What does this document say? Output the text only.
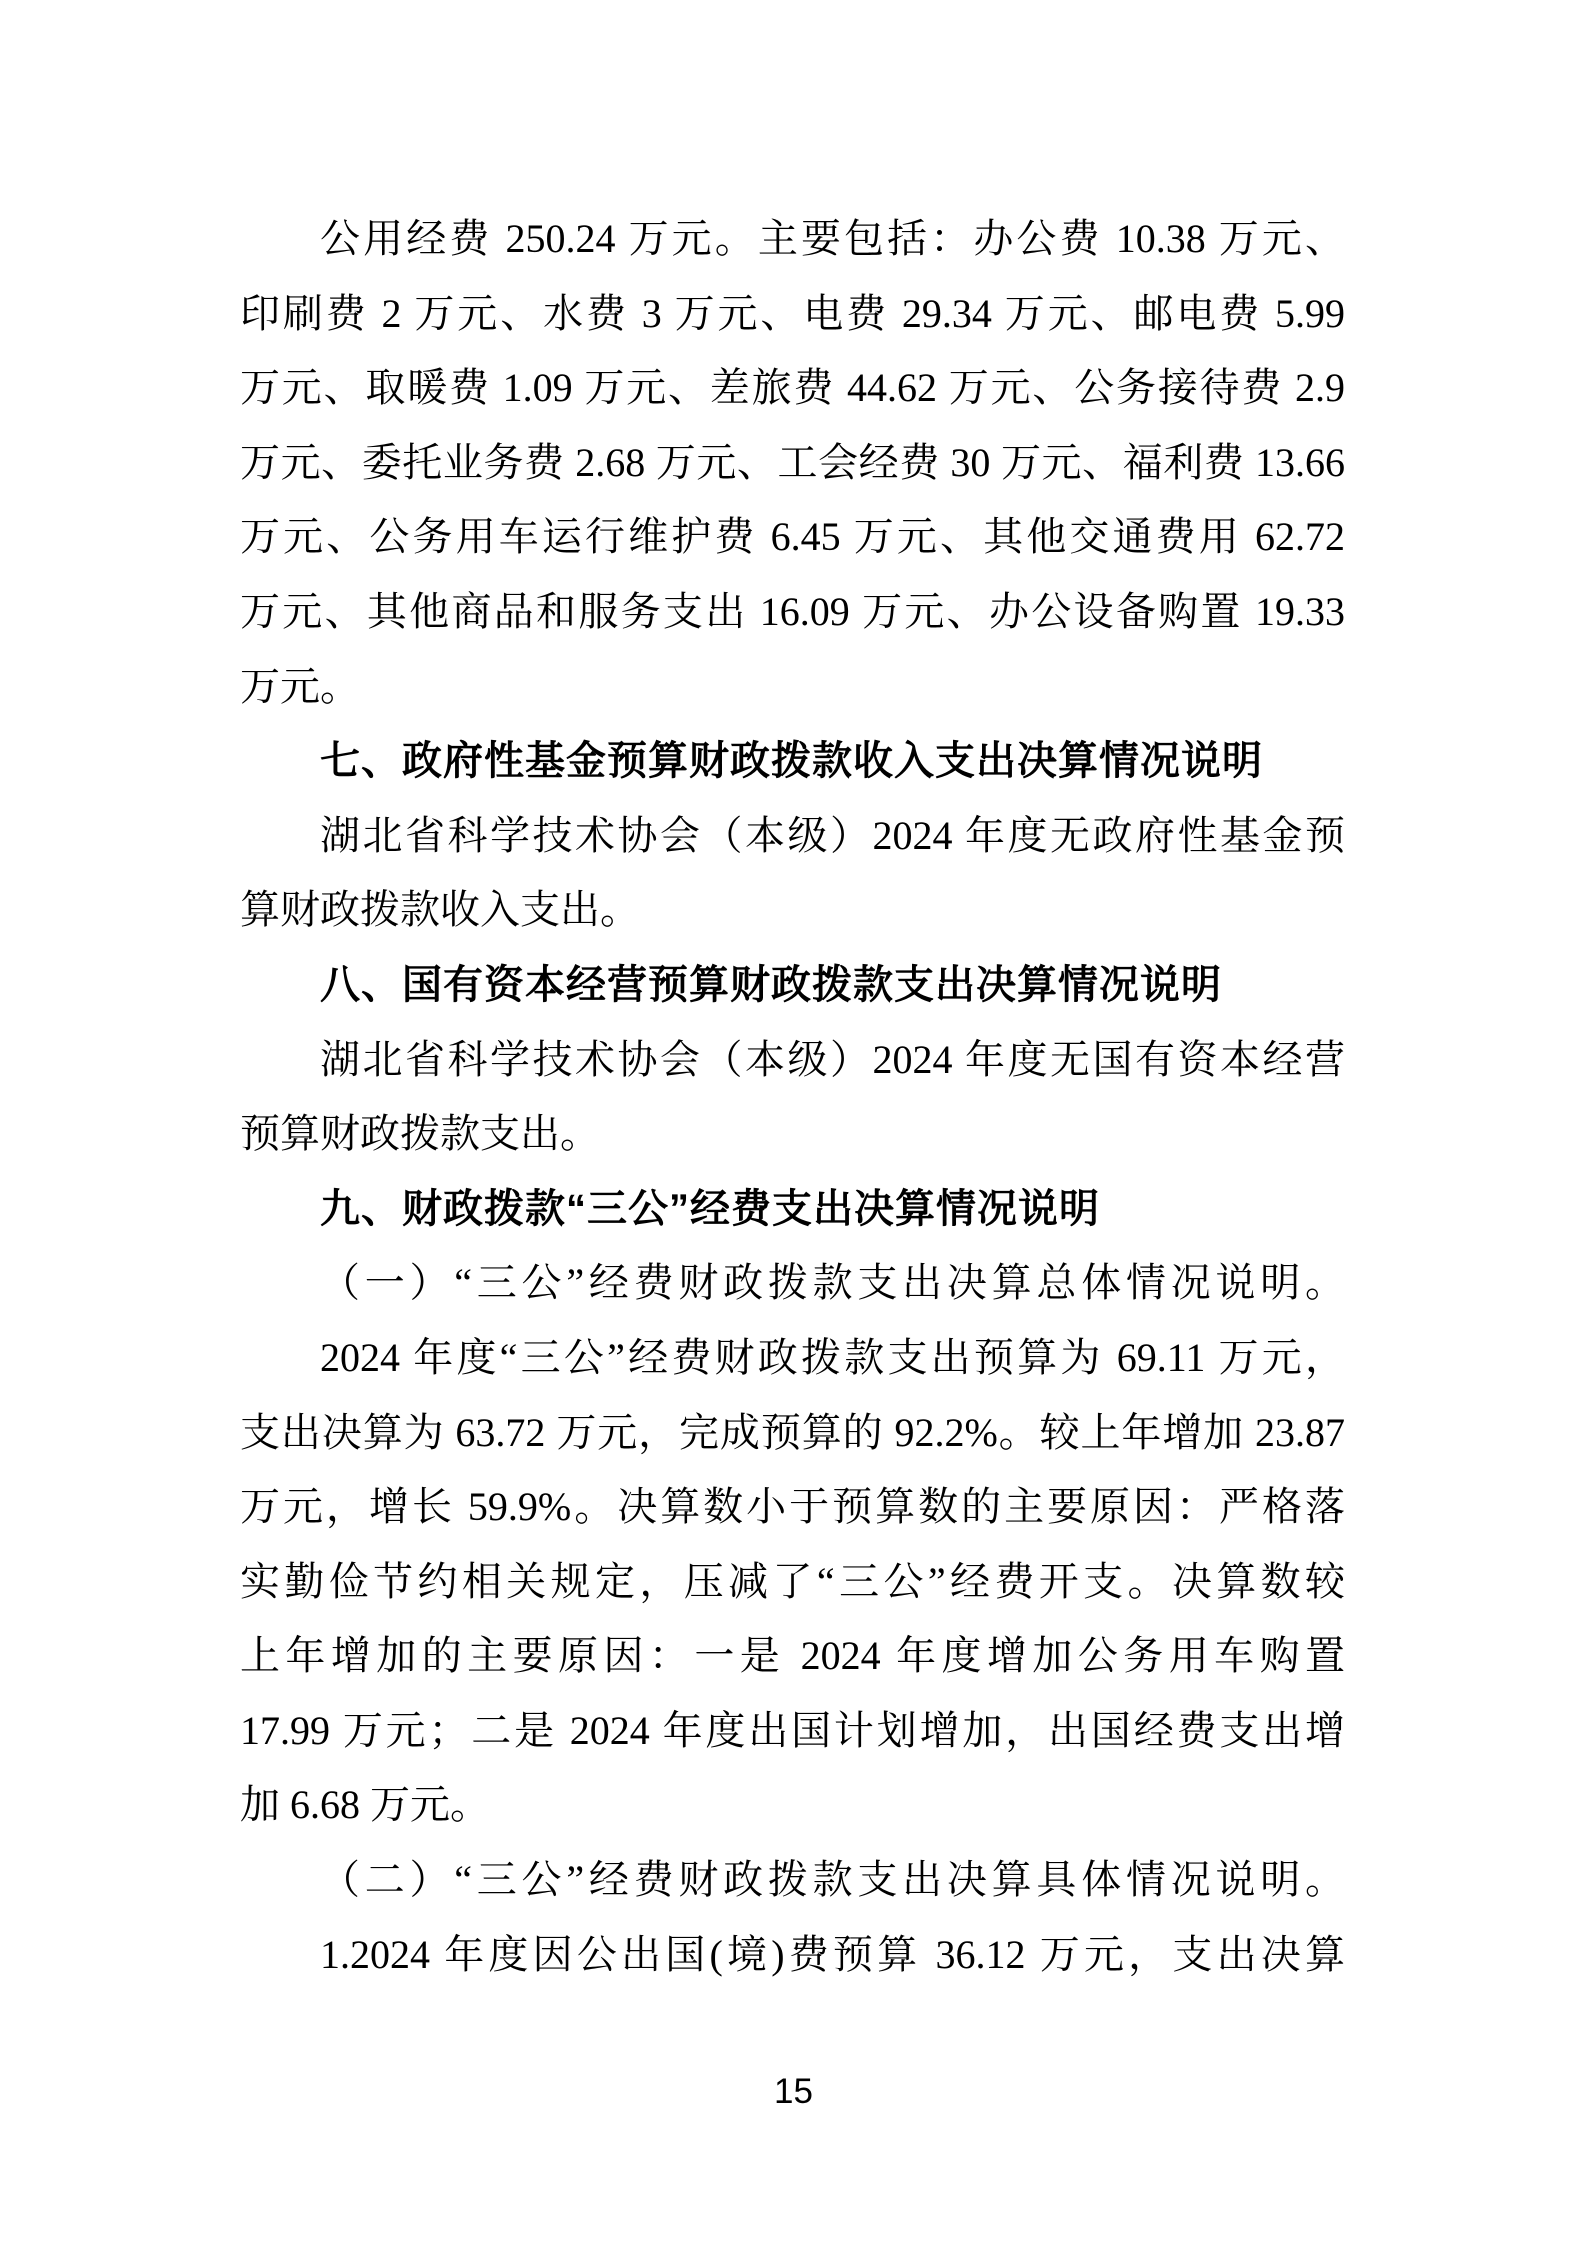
公用经费 250.24 万元。主要包括：办公费 10.38 万元、
印刷费 2 万元、水费 3 万元、电费 29.34 万元、邮电费 5.99
万元、取暖费 1.09 万元、差旅费 44.62 万元、公务接待费 2.9
万元、委托业务费 2.68 万元、工会经费 30 万元、福利费 13.66
万元、公务用车运行维护费 6.45 万元、其他交通费用 62.72
万元、其他商品和服务支出 16.09 万元、办公设备购置 19.33
万元。
七、政府性基金预算财政拨款收入支出决算情况说明
湖北省科学技术协会（本级）2024 年度无政府性基金预
算财政拨款收入支出。
八、国有资本经营预算财政拨款支出决算情况说明
湖北省科学技术协会（本级）2024 年度无国有资本经营
预算财政拨款支出。
九、财政拨款“三公”经费支出决算情况说明
（一）“三公”经费财政拨款支出决算总体情况说明。
2024 年度“三公”经费财政拨款支出预算为 69.11 万元，
支出决算为 63.72 万元，完成预算的 92.2%。较上年增加 23.87
万元，增长 59.9%。决算数小于预算数的主要原因：严格落
实勤俭节约相关规定，压减了“三公”经费开支。决算数较
上年增加的主要原因：一是 2024 年度增加公务用车购置
17.99 万元；二是 2024 年度出国计划增加，出国经费支出增
加 6.68 万元。
（二）“三公”经费财政拨款支出决算具体情况说明。
1.2024 年度因公出国(境)费预算 36.12 万元，支出决算
15
